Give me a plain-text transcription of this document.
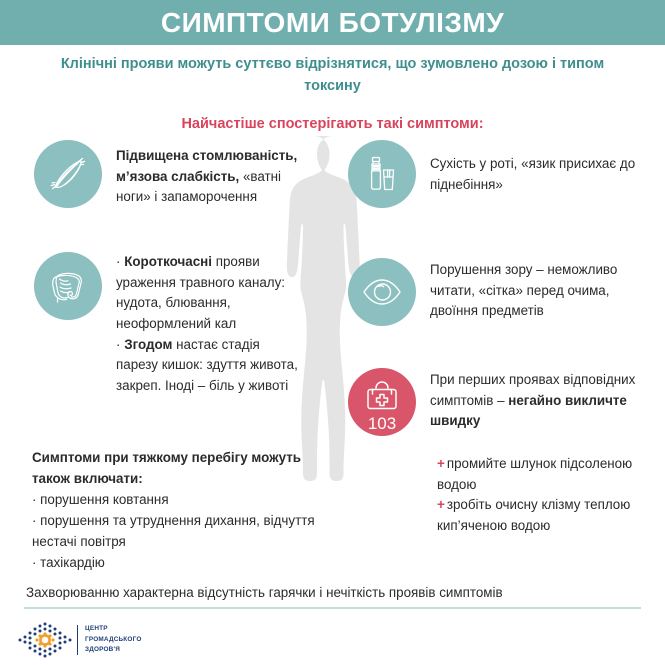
СИМПТОМИ БОТУЛІЗМУ
Клінічні прояви можуть суттєво відрізнятися, що зумовлено дозою і типом токсину
Найчастіше спостерігають такі симптоми:
Підвищена стомлюваність, м’язова слабкість, «ватні ноги» і запаморочення
Сухість у роті, «язик присихає до піднебіння»
· Короткочасні прояви ураження травного каналу: нудота, блювання, неоформлений кал
· Згодом настає стадія парезу кишок: здуття живота, закреп. Іноді – біль у животі
Порушення зору – неможливо читати, «сітка» перед очима, двоїння предметів
103
При перших проявах відповідних симптомів – негайно викличте швидку
Симптоми при тяжкому перебігу можуть також включати:
· порушення ковтання
· порушення та утруднення дихання, відчуття нестачі повітря
· тахікардію
+ промийте шлунок підсоленою водою
+ зробіть очисну клізму теплою кип’яченою водою
Захворюванню характерна відсутність гарячки і нечіткість проявів симптомів
ЦЕНТР
ГРОМАДСЬКОГО
ЗДОРОВ'Я
